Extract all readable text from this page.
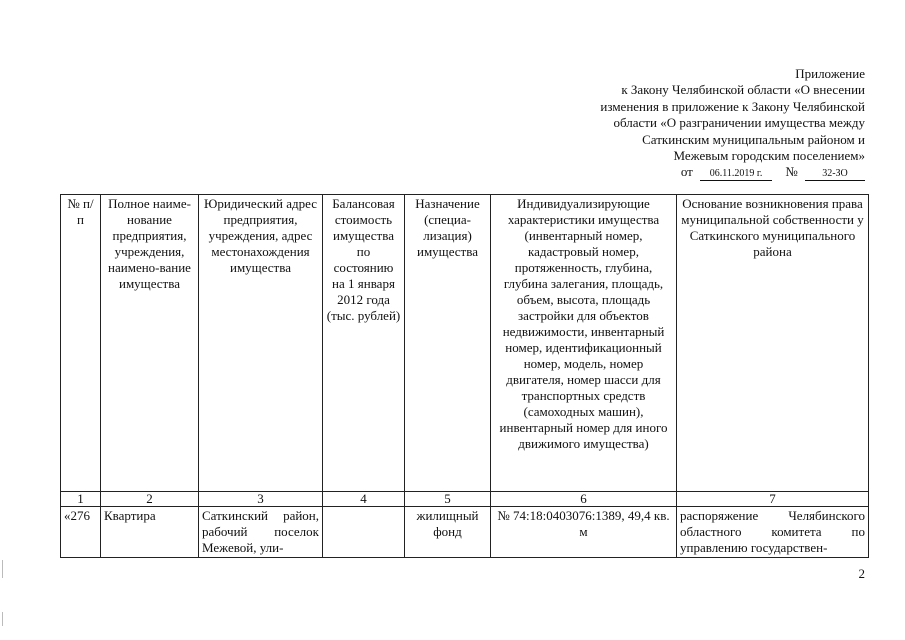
Приложение
к Закону Челябинской области «О внесении
изменения в приложение к Закону Челябинской
области «О разграничении имущества между
Саткинским муниципальным районом и
Межевым городским поселением»
от 06.11.2019 г. № 32-ЗО
№ п/п	Полное наиме-нование предприятия, учреждения, наимено-вание имущества	Юридический адрес предприятия, учреждения, адрес местонахождения имущества	Балансовая стоимость имущества по состоянию на 1 января 2012 года (тыс. рублей)	Назначение (специа-лизация) имущества	Индивидуализирующие характеристики имущества (инвентарный номер, кадастровый номер, протяженность, глубина, глубина залегания, площадь, объем, высота, площадь застройки для объектов недвижимости, инвентарный номер, идентификационный номер, модель, номер двигателя, номер шасси для транспортных средств (самоходных машин), инвентарный номер для иного движимого имущества)	Основание возникновения права муниципальной собственности у Саткинского муниципального района
1	2	3	4	5	6	7
«276	Квартира	Саткинский район, рабочий поселок Межевой, ули-		жилищный фонд	№ 74:18:0403076:1389, 49,4 кв. м	распоряжение Челябинского областного комитета по управлению государствен-
2
